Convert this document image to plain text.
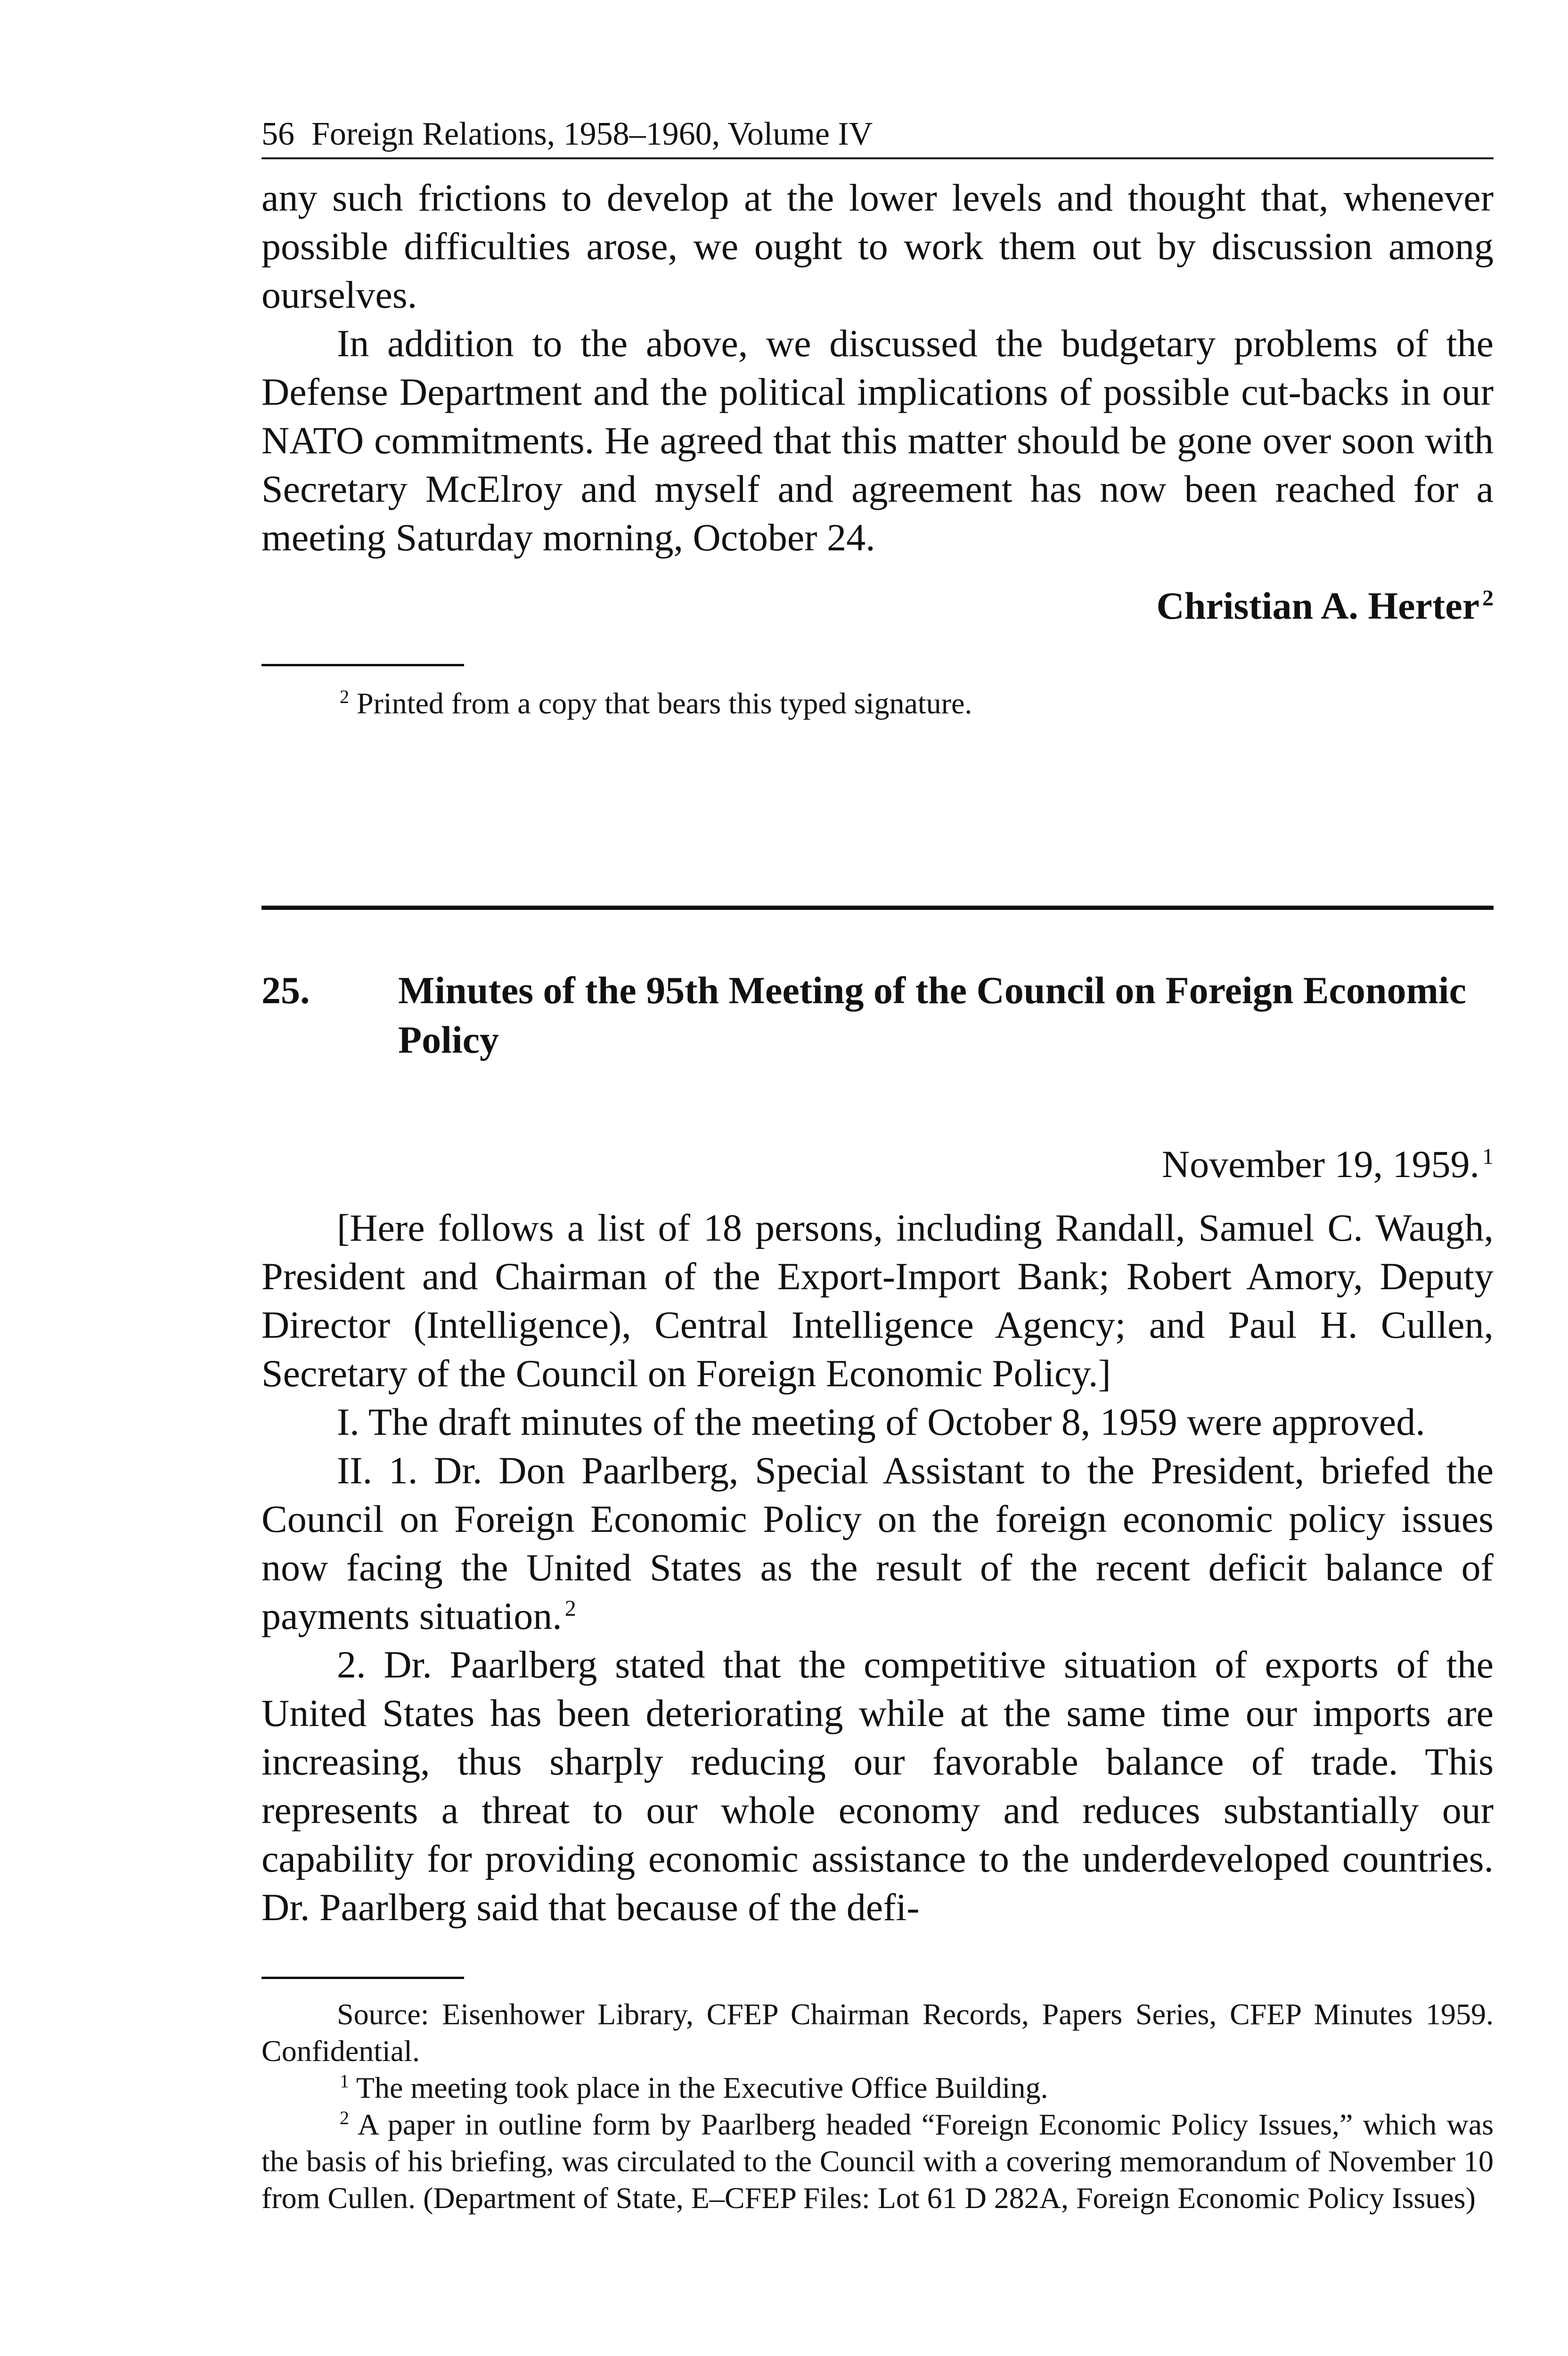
56 Foreign Relations, 1958–1960, Volume IV

any such frictions to develop at the lower levels and thought that, whenever possible difficulties arose, we ought to work them out by discussion among ourselves.

In addition to the above, we discussed the budgetary problems of the Defense Department and the political implications of possible cut-backs in our NATO commitments. He agreed that this matter should be gone over soon with Secretary McElroy and myself and agreement has now been reached for a meeting Saturday morning, October 24.

Christian A. Herter $^2$
$^2$ Printed from a copy that bears this typed signature.
25.	Minutes of the 95th Meeting of the Council on Foreign Economic Policy
November 19, 1959. $^1$

[Here follows a list of 18 persons, including Randall, Samuel C. Waugh, President and Chairman of the Export-Import Bank; Robert Amory, Deputy Director (Intelligence), Central Intelligence Agency; and Paul H. Cullen, Secretary of the Council on Foreign Economic Policy.]

I. The draft minutes of the meeting of October 8, 1959 were approved.

II. 1. Dr. Don Paarlberg, Special Assistant to the President, briefed the Council on Foreign Economic Policy on the foreign economic policy issues now facing the United States as the result of the recent deficit balance of payments situation. $^2$

2. Dr. Paarlberg stated that the competitive situation of exports of the United States has been deteriorating while at the same time our imports are increasing, thus sharply reducing our favorable balance of trade. This represents a threat to our whole economy and reduces substantially our capability for providing economic assistance to the underdeveloped countries. Dr. Paarlberg said that because of the defi-

Source: Eisenhower Library, CFEP Chairman Records, Papers Series, CFEP Minutes 1959. Confidential.
$^1$ The meeting took place in the Executive Office Building.
$^2$ A paper in outline form by Paarlberg headed “Foreign Economic Policy Issues,” which was the basis of his briefing, was circulated to the Council with a covering memorandum of November 10 from Cullen. (Department of State, E–CFEP Files: Lot 61 D 282A, Foreign Economic Policy Issues)
